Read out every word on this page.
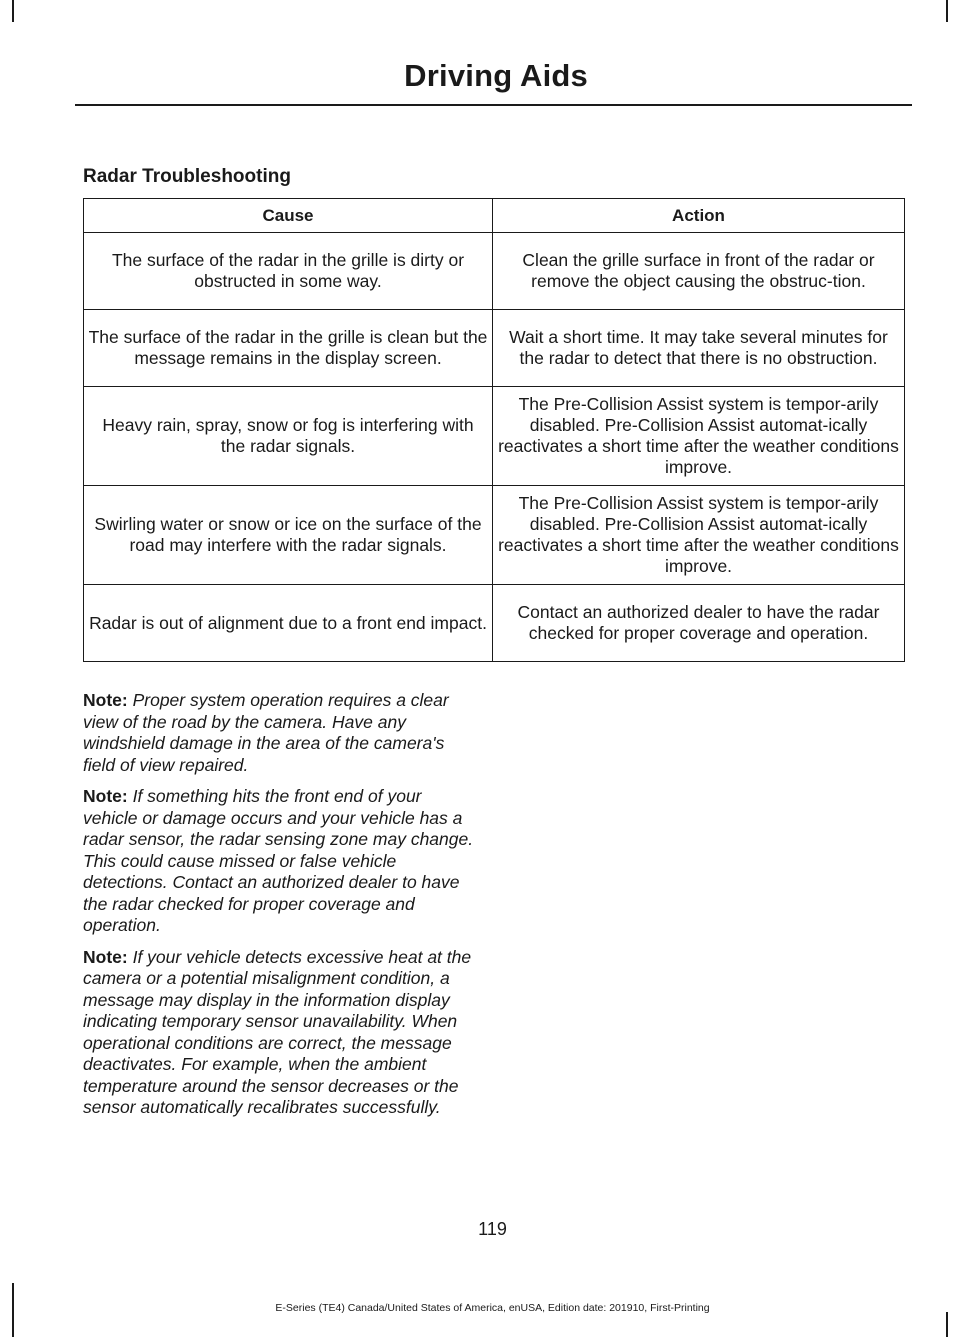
Driving Aids
Radar Troubleshooting
Cause	Action
The surface of the radar in the grille is dirty or obstructed in some way.	Clean the grille surface in front of the radar or remove the object causing the obstruc-tion.
The surface of the radar in the grille is clean but the message remains in the display screen.	Wait a short time. It may take several minutes for the radar to detect that there is no obstruction.
Heavy rain, spray, snow or fog is interfering with the radar signals.	The Pre-Collision Assist system is tempor-arily disabled. Pre-Collision Assist automat-ically reactivates a short time after the weather conditions improve.
Swirling water or snow or ice on the surface of the road may interfere with the radar signals.	The Pre-Collision Assist system is tempor-arily disabled. Pre-Collision Assist automat-ically reactivates a short time after the weather conditions improve.
Radar is out of alignment due to a front end impact.	Contact an authorized dealer to have the radar checked for proper coverage and operation.

Note: Proper system operation requires a clear view of the road by the camera. Have any windshield damage in the area of the camera's field of view repaired.

Note: If something hits the front end of your vehicle or damage occurs and your vehicle has a radar sensor, the radar sensing zone may change. This could cause missed or false vehicle detections. Contact an authorized dealer to have the radar checked for proper coverage and operation.

Note: If your vehicle detects excessive heat at the camera or a potential misalignment condition, a message may display in the information display indicating temporary sensor unavailability. When operational conditions are correct, the message deactivates. For example, when the ambient temperature around the sensor decreases or the sensor automatically recalibrates successfully.

119
E-Series (TE4) Canada/United States of America, enUSA, Edition date: 201910, First-Printing
